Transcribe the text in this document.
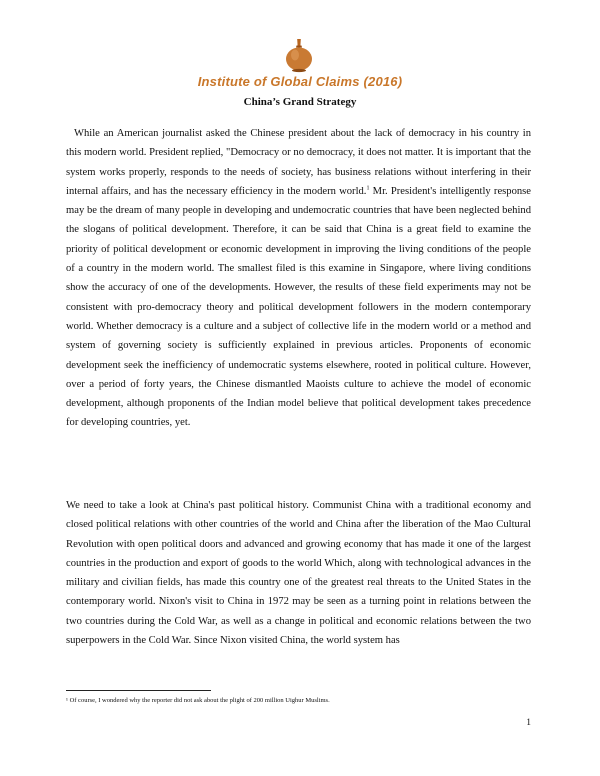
Institute of Global Claims (2016)
China’s Grand Strategy

While an American journalist asked the Chinese president about the lack of democracy in his country in this modern world. President replied, "Democracy or no democracy, it does not matter. It is important that the system works properly, responds to the needs of society, has business relations without interfering in their internal affairs, and has the necessary efficiency in the modern world.$^1$ Mr. President's intelligently response may be the dream of many people in developing and undemocratic countries that have been neglected behind the slogans of political development. Therefore, it can be said that China is a great field to examine the priority of political development or economic development in improving the living conditions of the people of a country in the modern world. The smallest filed is this examine in Singapore, where living conditions show the accuracy of one of the developments. However, the results of these field experiments may not be consistent with pro-democracy theory and political development followers in the modern contemporary world. Whether democracy is a culture and a subject of collective life in the modern world or a method and system of governing society is sufficiently explained in previous articles. Proponents of economic development seek the inefficiency of undemocratic systems elsewhere, rooted in political culture. However, over a period of forty years, the Chinese dismantled Maoists culture to achieve the model of economic development, although proponents of the Indian model believe that political development takes precedence for developing countries, yet.

We need to take a look at China's past political history. Communist China with a traditional economy and closed political relations with other countries of the world and China after the liberation of the Mao Cultural Revolution with open political doors and advanced and growing economy that has made it one of the largest countries in the production and export of goods to the world Which, along with technological advances in the military and civilian fields, has made this country one of the greatest real threats to the United States in the contemporary world. Nixon's visit to China in 1972 may be seen as a turning point in relations between the two countries during the Cold War, as well as a change in political and economic relations between the two superpowers in the Cold War. Since Nixon visited China, the world system has

¹ Of course, I wondered why the reporter did not ask about the plight of 200 million Uighur Muslims.
1
